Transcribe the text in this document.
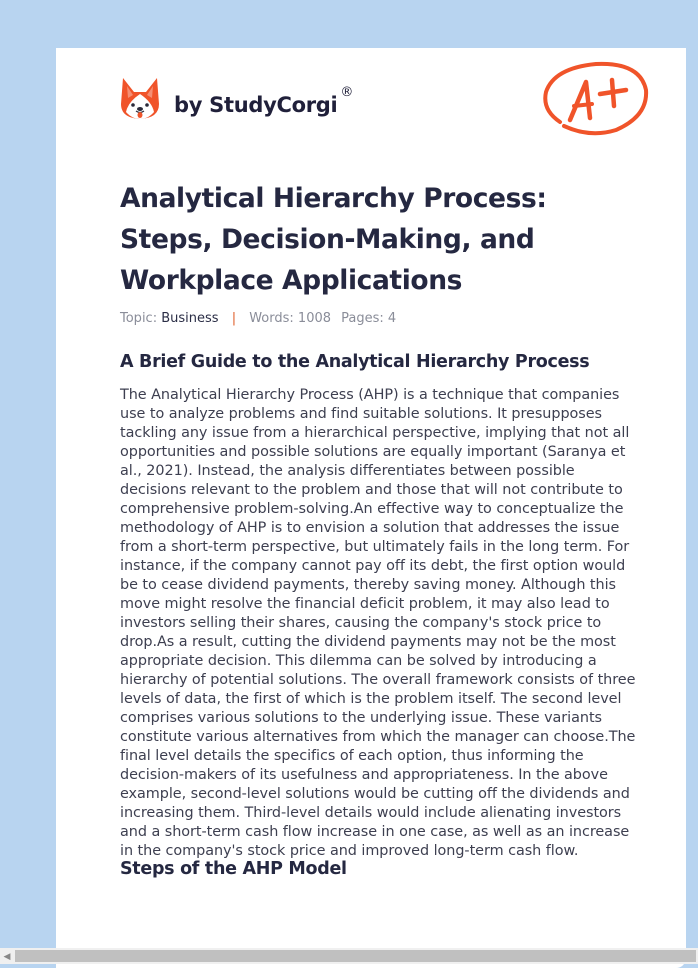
by StudyCorgi®
Analytical Hierarchy Process: Steps, Decision-Making, and Workplace Applications
Topic: Business | Words: 1008 Pages: 4
A Brief Guide to the Analytical Hierarchy Process
The Analytical Hierarchy Process (AHP) is a technique that companies use to analyze problems and find suitable solutions. It presupposes tackling any issue from a hierarchical perspective, implying that not all opportunities and possible solutions are equally important (Saranya et al., 2021). Instead, the analysis differentiates between possible decisions relevant to the problem and those that will not contribute to comprehensive problem-solving.An effective way to conceptualize the methodology of AHP is to envision a solution that addresses the issue from a short-term perspective, but ultimately fails in the long term. For instance, if the company cannot pay off its debt, the first option would be to cease dividend payments, thereby saving money. Although this move might resolve the financial deficit problem, it may also lead to investors selling their shares, causing the company's stock price to drop.As a result, cutting the dividend payments may not be the most appropriate decision. This dilemma can be solved by introducing a hierarchy of potential solutions. The overall framework consists of three levels of data, the first of which is the problem itself. The second level comprises various solutions to the underlying issue. These variants constitute various alternatives from which the manager can choose.The final level details the specifics of each option, thus informing the decision-makers of its usefulness and appropriateness. In the above example, second-level solutions would be cutting off the dividends and increasing them. Third-level details would include alienating investors and a short-term cash flow increase in one case, as well as an increase in the company's stock price and improved long-term cash flow.
Steps of the AHP Model
◀
